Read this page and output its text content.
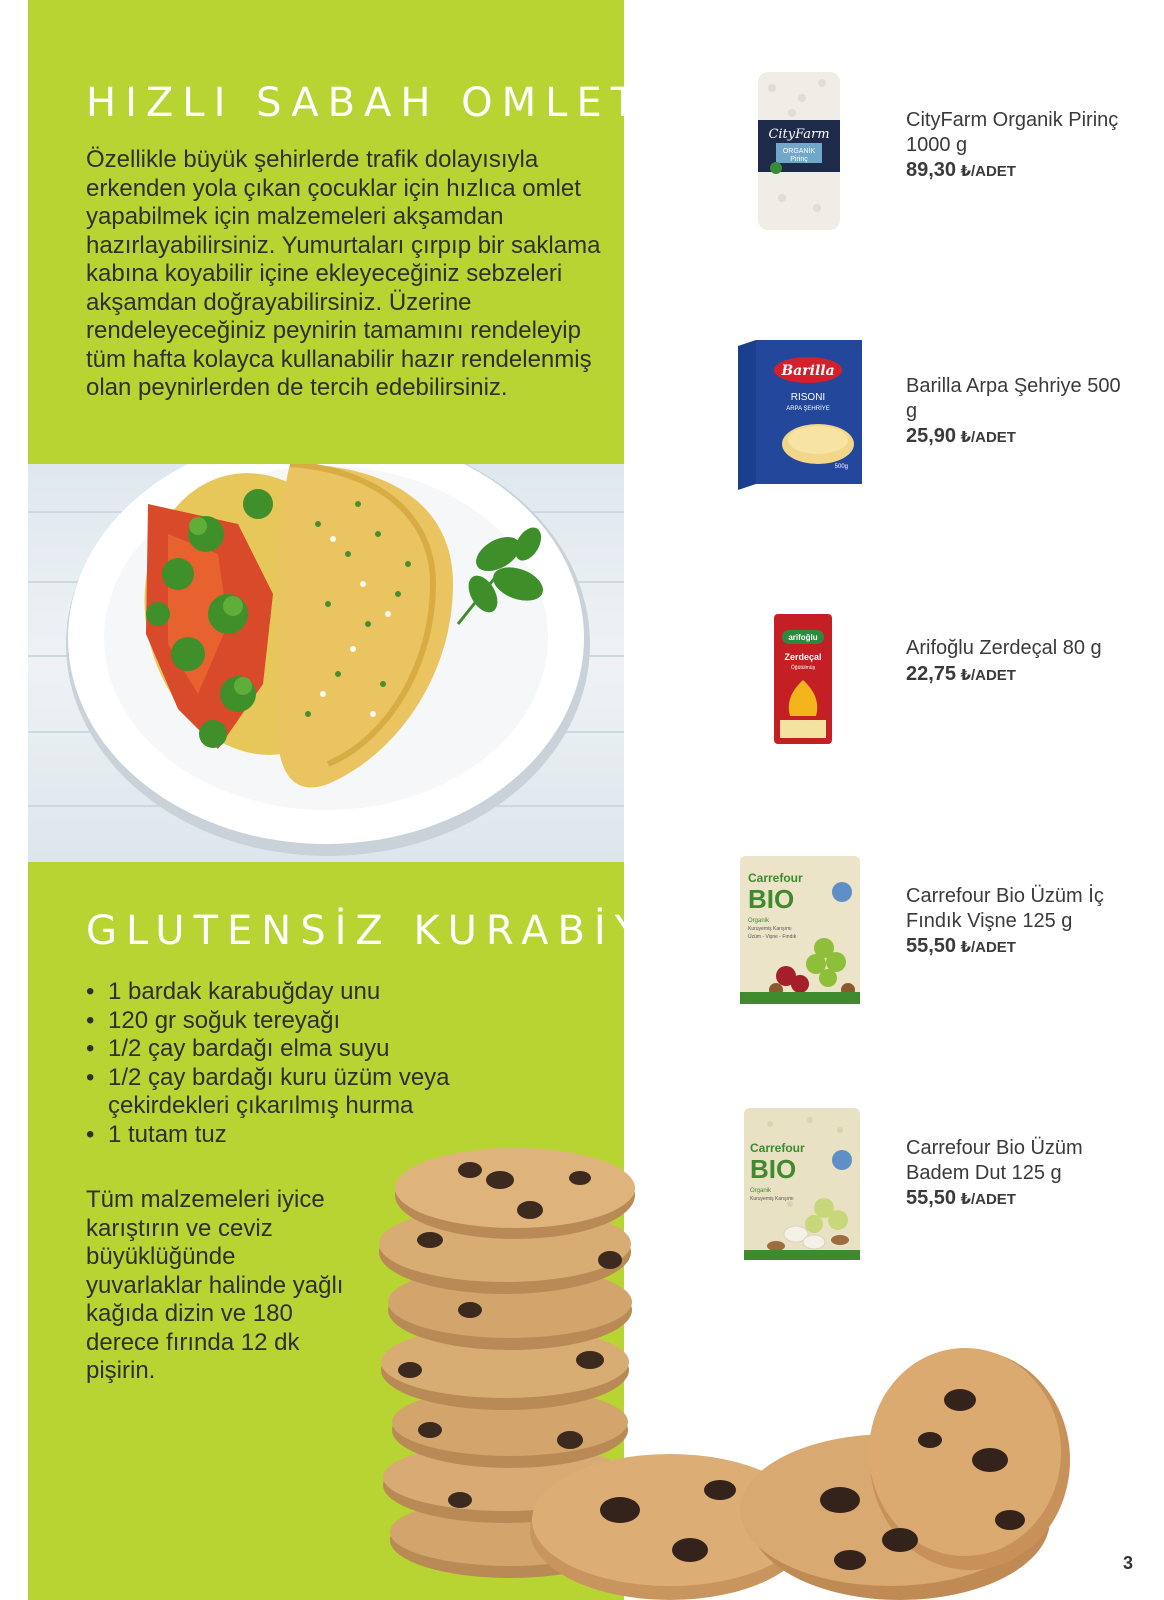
HIZLI SABAH OMLETİ

Özellikle büyük şehirlerde trafik dolayısıyla erkenden yola çıkan çocuklar için hızlıca omlet yapabilmek için malzemeleri akşamdan hazırlayabilirsiniz. Yumurtaları çırpıp bir saklama kabına koyabilir içine ekleyeceğiniz sebzeleri akşamdan doğrayabilirsiniz. Üzerine rendeleyeceğiniz peynirin tamamını rendeleyip tüm hafta kolayca kullanabilir hazır rendelenmiş olan peynirlerden de tercih edebilirsiniz.

GLUTENSİZ KURABİYE
• 1 bardak karabuğday unu
• 120 gr soğuk tereyağı
• 1/2 çay bardağı elma suyu
• 1/2 çay bardağı kuru üzüm veya çekirdekleri çıkarılmış hurma
• 1 tutam tuz

Tüm malzemeleri iyice karıştırın ve ceviz büyüklüğünde yuvarlaklar halinde yağlı kağıda dizin ve 180 derece fırında 12 dk pişirin.

CityFarm
ORGANİK
Pirinç

CityFarm Organik Pirinç 1000 g

89,30 ₺/ADET
Barilla
RISONI
ARPA ŞEHRİYE
500g

Barilla Arpa Şehriye 500 g

25,90 ₺/ADET
arifoğlu
Zerdeçal
Öğütülmüş

Arifoğlu Zerdeçal 80 g

22,75 ₺/ADET
Carrefour
BIO
Organik
Kuruyemiş Karışımı
Üzüm - Vişne - Fındık

Carrefour Bio Üzüm İç Fındık Vişne 125 g

55,50 ₺/ADET
Carrefour
BIO
Organik
Kuruyemiş Karışımı

Carrefour Bio Üzüm Badem Dut 125 g

55,50 ₺/ADET
3
